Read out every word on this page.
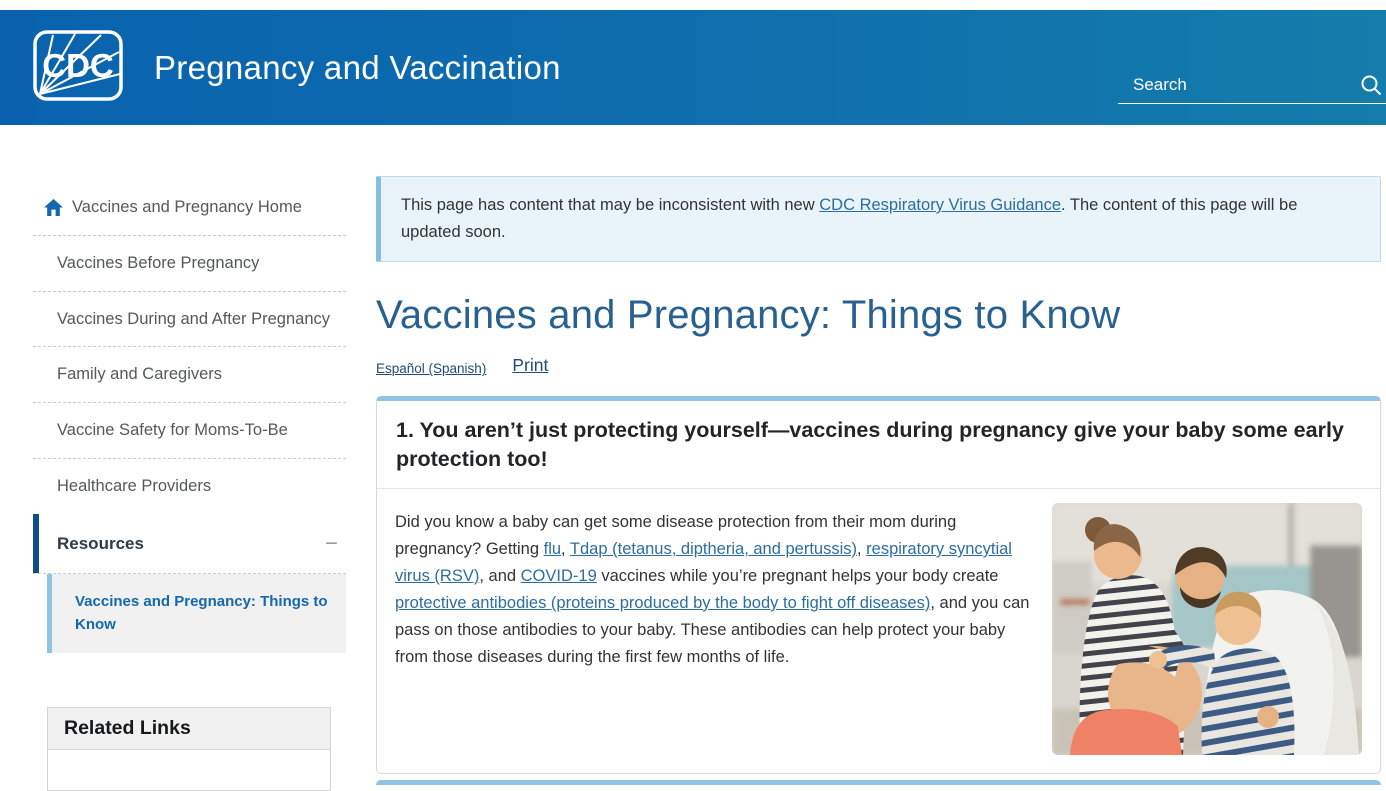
CDC Pregnancy and Vaccination
Search
Vaccines and Pregnancy Home
Vaccines Before Pregnancy
Vaccines During and After Pregnancy
Family and Caregivers
Vaccine Safety for Moms-To-Be
Healthcare Providers
Resources	−
Vaccines and Pregnancy: Things to Know
Related Links
This page has content that may be inconsistent with new CDC Respiratory Virus Guidance. The content of this page will be updated soon.
Vaccines and Pregnancy: Things to Know
Español (Spanish) Print
1. You aren’t just protecting yourself—vaccines during pregnancy give your baby some early protection too!

Did you know a baby can get some disease protection from their mom during pregnancy? Getting flu, Tdap (tetanus, diptheria, and pertussis), respiratory syncytial virus (RSV), and COVID-19 vaccines while you’re pregnant helps your body create protective antibodies (proteins produced by the body to fight off diseases), and you can pass on those antibodies to your baby. These antibodies can help protect your baby from those diseases during the first few months of life.
